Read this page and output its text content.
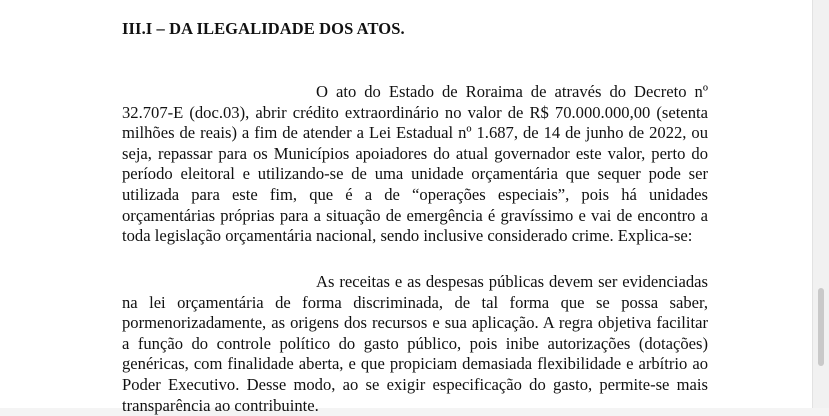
III.I – DA ILEGALIDADE DOS ATOS.

O ato do Estado de Roraima de através do Decreto nº 32.707-E (doc.03), abrir crédito extraordinário no valor de R$ 70.000.000,00 (setenta milhões de reais) a fim de atender a Lei Estadual nº 1.687, de 14 de junho de 2022, ou seja, repassar para os Municípios apoiadores do atual governador este valor, perto do período eleitoral e utilizando-se de uma unidade orçamentária que sequer pode ser utilizada para este fim, que é a de “operações especiais”, pois há unidades orçamentárias próprias para a situação de emergência é gravíssimo e vai de encontro a toda legislação orçamentária nacional, sendo inclusive considerado crime. Explica-se:

As receitas e as despesas públicas devem ser evidenciadas na lei orçamentária de forma discriminada, de tal forma que se possa saber, pormenorizadamente, as origens dos recursos e sua aplicação. A regra objetiva facilitar a função do controle político do gasto público, pois inibe autorizações (dotações) genéricas, com finalidade aberta, e que propiciam demasiada flexibilidade e arbítrio ao Poder Executivo. Desse modo, ao se exigir especificação do gasto, permite-se mais transparência ao contribuinte.
